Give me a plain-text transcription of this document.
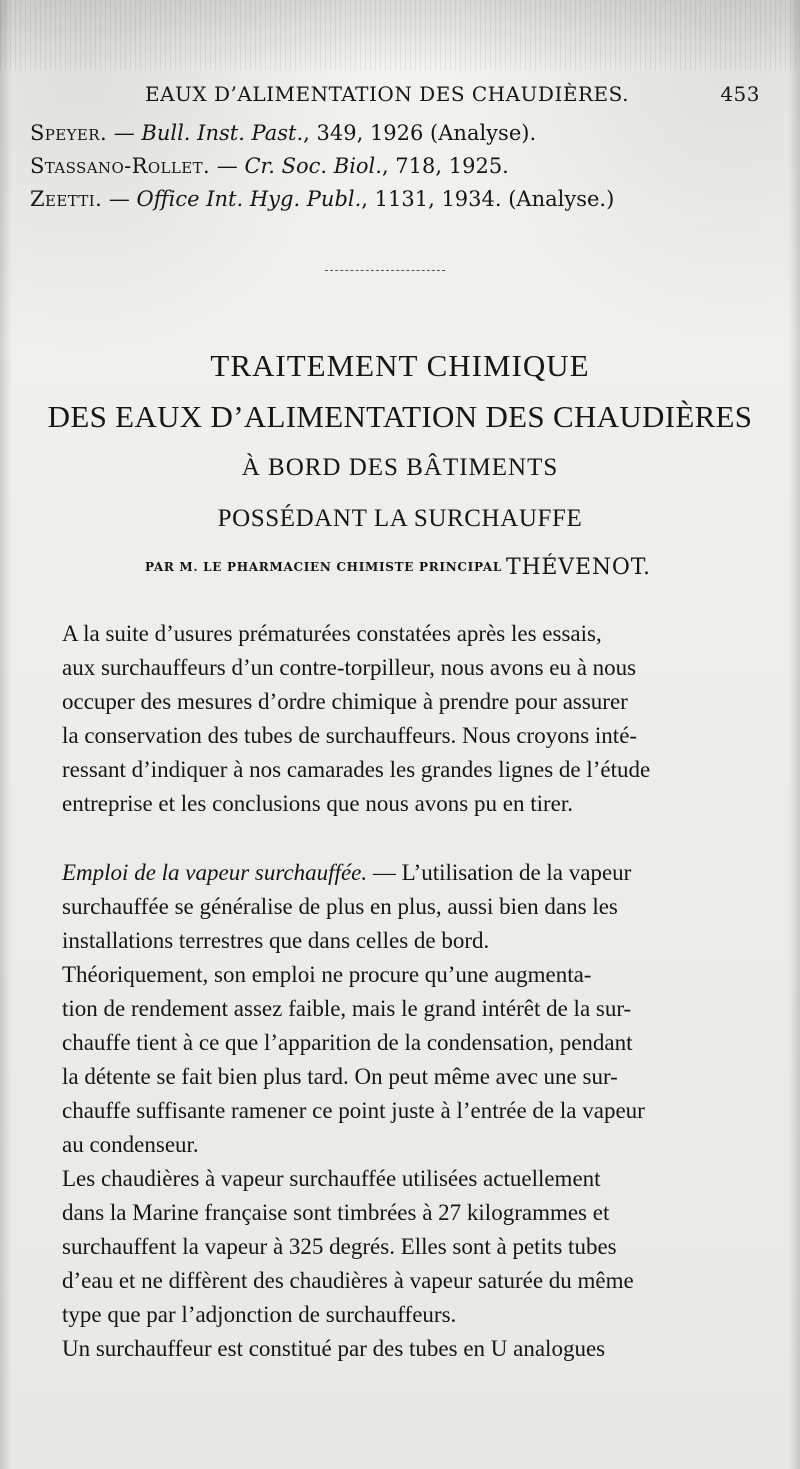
EAUX D’ALIMENTATION DES CHAUDIÈRES.	453
Speyer. — Bull. Inst. Past., 349, 1926 (Analyse).
Stassano-Rollet. — Cr. Soc. Biol., 718, 1925.
Zeetti. — Office Int. Hyg. Publ., 1131, 1934. (Analyse.)
TRAITEMENT CHIMIQUE
DES EAUX D’ALIMENTATION DES CHAUDIÈRES
À BORD DES BÂTIMENTS
POSSÉDANT LA SURCHAUFFE
PAR M. LE PHARMACIEN CHIMISTE PRINCIPAL THÉVENOT.

A la suite d’usures prématurées constatées après les essais,
aux surchauffeurs d’un contre-torpilleur, nous avons eu à nous
occuper des mesures d’ordre chimique à prendre pour assurer
la conservation des tubes de surchauffeurs. Nous croyons inté-
ressant d’indiquer à nos camarades les grandes lignes de l’étude
entreprise et les conclusions que nous avons pu en tirer.

Emploi de la vapeur surchauffée. — L’utilisation de la vapeur
surchauffée se généralise de plus en plus, aussi bien dans les
installations terrestres que dans celles de bord.

Théoriquement, son emploi ne procure qu’une augmenta-
tion de rendement assez faible, mais le grand intérêt de la sur-
chauffe tient à ce que l’apparition de la condensation, pendant
la détente se fait bien plus tard. On peut même avec une sur-
chauffe suffisante ramener ce point juste à l’entrée de la vapeur
au condenseur.

Les chaudières à vapeur surchauffée utilisées actuellement
dans la Marine française sont timbrées à 27 kilogrammes et
surchauffent la vapeur à 325 degrés. Elles sont à petits tubes
d’eau et ne diffèrent des chaudières à vapeur saturée du même
type que par l’adjonction de surchauffeurs.

Un surchauffeur est constitué par des tubes en U analogues
